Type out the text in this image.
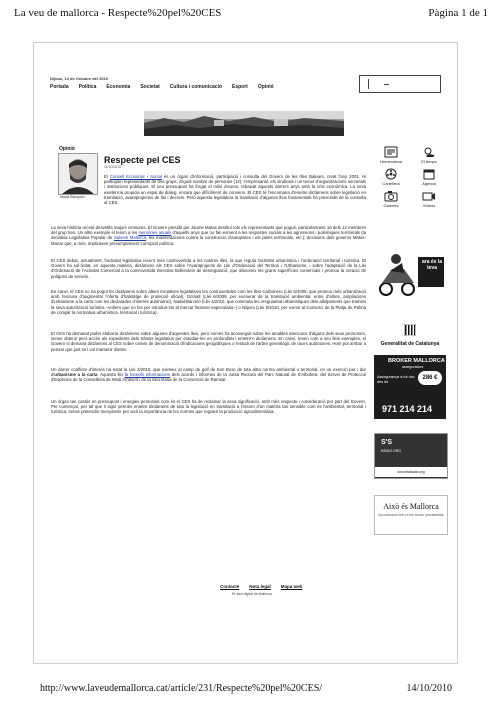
La veu de mallorca - Respecte%20pel%20CES	Pàgina 1 de 1
Dijous, 14 de Octubre del 2010
Portada Política Economia Societat Cultura i comunicació Esport Opinió
Opinió
Macià Blàzquez
Respecte pel CES
11/10/2010
El Consell Econòmic i Social és un òrgan d'informació, participació i consulta del Govern de les Illes Balears, creat l'any 2001. Hi participen representants de tres grups, d'igual nombre de persones (12): l'empresarial, els sindicats i un tercer d'organitzacions sectorials i institucions públiques. El seu pressupost ha fregat el milió d'euros, rebaixat aquests darrers anys amb la crisi econòmica. La seva existència propicia un espai de diàleg, encara que difícilment de consens. El CES té l'encomana d'emetre dictàmens sobre legislació en tramitació, avantprojectes de llei i decrets. Però aquesta legislatura la tramitació d'algunes lleis fonamentals ha prescindit de la consulta al CES.
La seva història recent desvetlla majors censures. El Govern presidit per Jaume Matas destituí tots els representants que pogué, particularment 10 dels 12 membres del grup tres. Un altre exemple el tenim a les memòries anuals d'aquells anys que no fan esment a les respostes socials a les agressions i polèmiques territorials (la iniciativa Legislativa Popular de Salvem Mallorca, les manifestacions contra la construcció d'autopistes i els plans territorials, etc.); decisions dels governs Matas-Munar que, a més, implicaven presumptament corrupció política.
El CES debat, actualment, l'activitat legislativa recent més controvertida a les nostres illes, la que regula l'activitat urbanística i l'ordenació territorial i turística. El Govern ha sol·licitat, en aquesta matèria, dictàmens als CES sobre l'Avantprojecte de Llei d'Ordenació del Territori i l'Urbanisme, i sobre l'adaptació de la Llei d'Ordenació de l'Activitat Comercial a la controvertida Directiva Bolkestein de desregulació, que afavoreix les grans superfícies comercials i promou la creació de polígons de serveis.
En canvi, el CES no ha pogut fer dictàmens sobre altres iniciatives legislatives les controvertides com les lleis Carbonero (Llei 5/2008, que promou més urbanització amb l'excusa d'augmentar l'oferta d'habitatge de protecció oficial), Grimalt (Llei 6/2009, per exonerar de la tramitació ambiental, entre d'altres, ampliacions d'urbanisme a la carta com les declarades d'interès autonòmic), Nadal-Barceló (Llei 4/2010, que commuta les irregularitat urbanístiques dels allotjaments que tramitin la seva autorització turística –volíem que no fos per introduir-los al mercat financer-especulatiu–) o Nàjera (Llei 6/2010, per eximir al Consorci de la Platja de Palma de complir la normativa urbanística, territorial i turística).
El CES ha demanat poder elaborar dictàmens sobre algunes d'aquestes lleis, però només ha aconseguit sobre les amables atencions d'alguns dels seus promotors, sense obtenir però accés als expedients dels tràmits legislatius per estudiar-les en profunditat i emetre'n dictàmens. En canvi, tenen com a seu lleis exemples, el Govern sí demana dictàmens al CES sobre canvis de denominació d'indicacions geogràfiques o l'estudi de l'arbre genealògic de races autòctones. Hom pot arribar a pensar que just se l vol mantenir distret.
Un darrer conflicte d'interès ha estat la Llei 3/2010, que eximeix al camp de golf de Son Bosc de tota altra norma ambiental o territorial, en un exercici pur i dur d'urbanisme a la carta. Aquesta llei fa fonedís informacions dels acords i informes de la Junta Rectora del Parc Natural de S'Albufera, del Servei de Protecció d'Espècies de la Conselleria de Medi Ambient i de la Secretaria de la Convenció de Ramsar.
Un òrgan tan costós en pressupost i energies personals com és el CES ha de reclamar la seva significació, amb més respecte i consideració per part del Govern. Per començar, per tal que li sigui permès emetre dictàmens de tota la legislació en tramitació a l'entorn d'un matèria tan sensible com és l'ambiental, territorial i turística; sense pretendre menystenir per això la importància de les normes que regulen la producció agroalimentària.
Hemeroteca	El temps
Cartellera	Agenda
Galeries	Vídeos
ara és la teva
Generalitat de Catalunya
BROKER MALLORCA
asseguradors
Assegurança a tot risc
des de
286 €
971 214 214
S'S
RÀDIO.ORG
sonoritatradio.org
Això és Mallorca
Aproximació breu a les seves peculiaritats
Contacte Nota legal Mapa web
El diari digital de Mallorca
http://www.laveudemallorca.cat/article/231/Respecte%20pel%20CES/	14/10/2010
